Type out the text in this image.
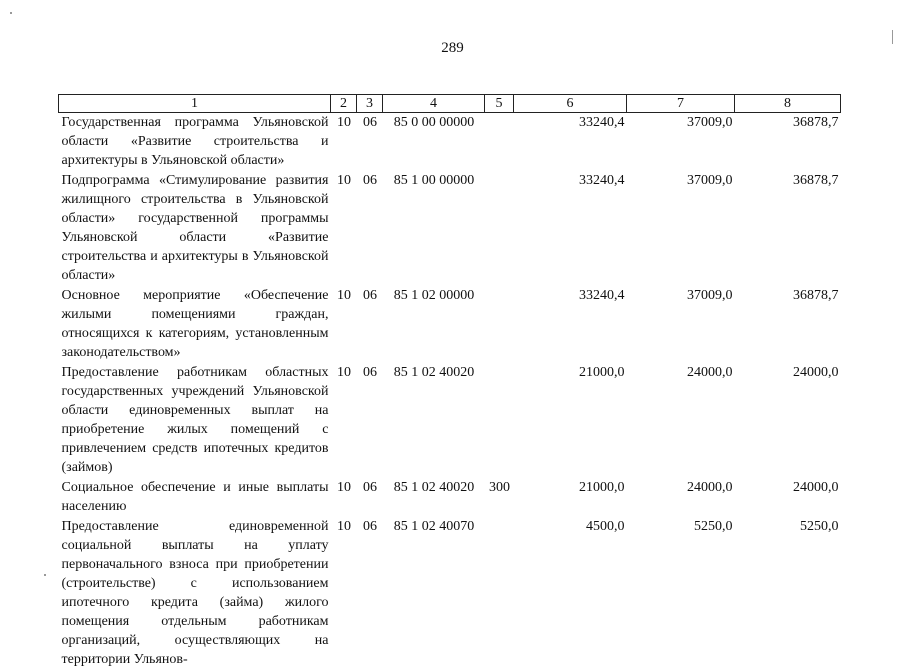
289
1	2	3	4	5	6	7	8
Государственная программа Ульяновской области «Развитие строительства и архитектуры в Ульяновской области»	10	06	85 0 00 00000		33240,4	37009,0	36878,7
Подпрограмма «Стимулирование развития жилищного строительства в Ульяновской области» государственной программы Ульяновской области «Развитие строительства и архитектуры в Ульяновской области»	10	06	85 1 00 00000		33240,4	37009,0	36878,7
Основное мероприятие «Обеспечение жилыми помещениями граждан, относящихся к категориям, установленным законодательством»	10	06	85 1 02 00000		33240,4	37009,0	36878,7
Предоставление работникам областных государственных учреждений Ульяновской области единовременных выплат на приобретение жилых помещений с привлечением средств ипотечных кредитов (займов)	10	06	85 1 02 40020		21000,0	24000,0	24000,0
Социальное обеспечение и иные выплаты населению	10	06	85 1 02 40020	300	21000,0	24000,0	24000,0
Предоставление единовременной социальной выплаты на уплату первоначального взноса при приобретении (строительстве) с использованием ипотечного кредита (займа) жилого помещения отдельным работникам организаций, осуществляющих на территории Ульянов-	10	06	85 1 02 40070		4500,0	5250,0	5250,0
